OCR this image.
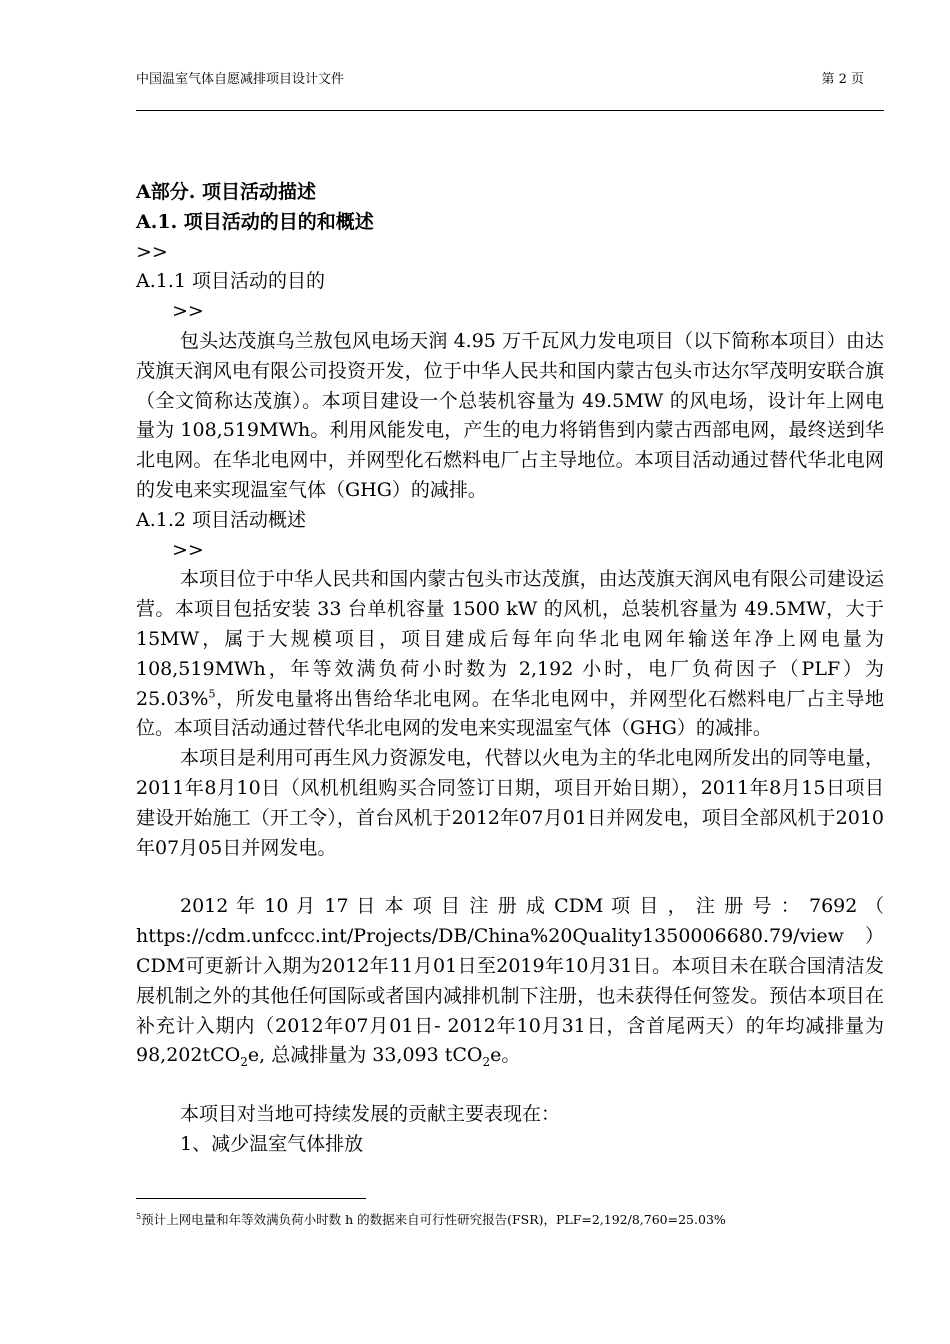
中国温室气体自愿减排项目设计文件	第 2 页

A部分. 项目活动描述

A.1. 项目活动的目的和概述

>>

A.1.1 项目活动的目的

>>

包头达茂旗乌兰敖包风电场天润 4.95 万千瓦风力发电项目（以下简称本项目）由达茂旗天润风电有限公司投资开发，位于中华人民共和国内蒙古包头市达尔罕茂明安联合旗（全文简称达茂旗）。本项目建设一个总装机容量为 49.5MW 的风电场，设计年上网电量为 108,519MWh。利用风能发电，产生的电力将销售到内蒙古西部电网，最终送到华北电网。在华北电网中，并网型化石燃料电厂占主导地位。本项目活动通过替代华北电网的发电来实现温室气体（GHG）的减排。

A.1.2 项目活动概述

>>

本项目位于中华人民共和国内蒙古包头市达茂旗，由达茂旗天润风电有限公司建设运营。本项目包括安装 33 台单机容量 1500 kW 的风机，总装机容量为 49.5MW，大于 15MW，属于大规模项目，项目建成后每年向华北电网年输送年净上网电量为 108,519MWh，年等效满负荷小时数为 2,192 小时，电厂负荷因子（PLF）为 25.03%$^5$，所发电量将出售给华北电网。在华北电网中，并网型化石燃料电厂占主导地位。本项目活动通过替代华北电网的发电来实现温室气体（GHG）的减排。

本项目是利用可再生风力资源发电，代替以火电为主的华北电网所发出的同等电量，2011年8月10日（风机机组购买合同签订日期，项目开始日期），2011年8月15日项目建设开始施工（开工令），首台风机于2012年07月01日并网发电，项目全部风机于2010年07月05日并网发电。

2012 年 10 月 17 日 本 项 目 注 册 成 CDM 项 目 ， 注 册 号 ： 7692 （ https://cdm.unfccc.int/Projects/DB/China%20Quality1350006680.79/view ） CDM可更新计入期为2012年11月01日至2019年10月31日。本项目未在联合国清洁发展机制之外的其他任何国际或者国内减排机制下注册，也未获得任何签发。预估本项目在补充计入期内（2012年07月01日- 2012年10月31日，含首尾两天）的年均减排量为98,202tCO$_2$e, 总减排量为 33,093 tCO$_2$e。

本项目对当地可持续发展的贡献主要表现在：

1、减少温室气体排放

$^5$预计上网电量和年等效满负荷小时数 h 的数据来自可行性研究报告(FSR)，PLF=2,192/8,760=25.03%
